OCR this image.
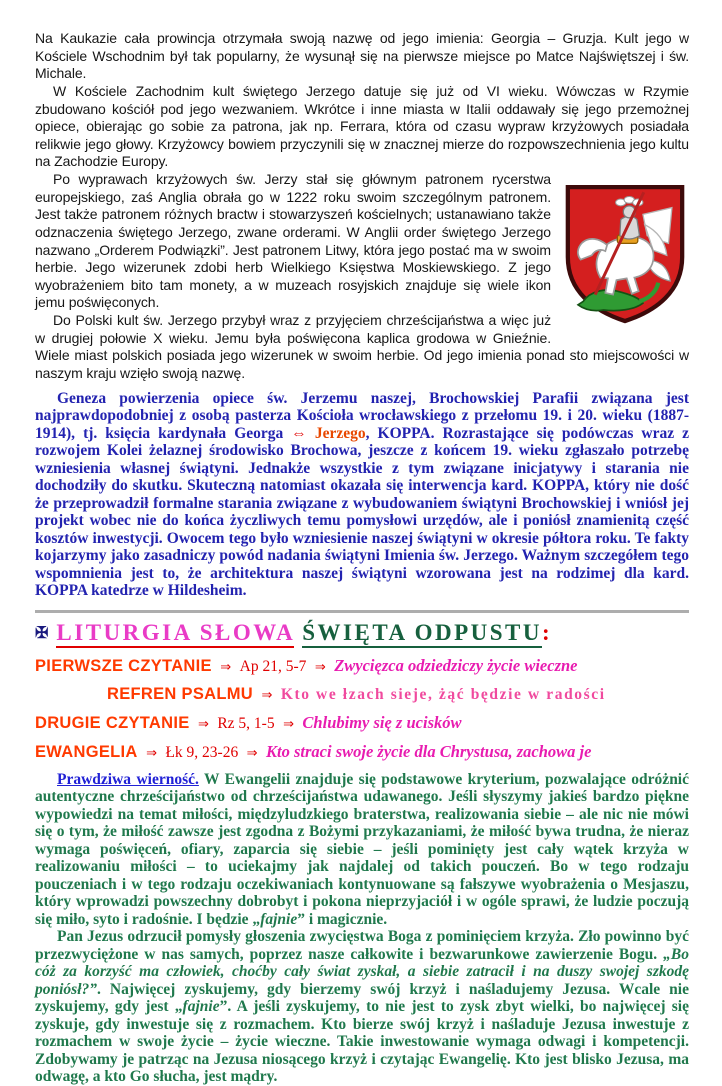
Na Kaukazie cała prowincja otrzymała swoją nazwę od jego imienia: Georgia – Gruzja. Kult jego w Kościele Wschodnim był tak popularny, że wysunął się na pierwsze miejsce po Matce Najświętszej i św. Michale.

W Kościele Zachodnim kult świętego Jerzego datuje się już od VI wieku. Wówczas w Rzymie zbudowano kościół pod jego wezwaniem. Wkrótce i inne miasta w Italii oddawały się jego przemożnej opiece, obierając go sobie za patrona, jak np. Ferrara, która od czasu wypraw krzyżowych posiadała relikwie jego głowy. Krzyżowcy bowiem przyczynili się w znacznej mierze do rozpowszechnienia jego kultu na Zachodzie Europy.

Po wyprawach krzyżowych św. Jerzy stał się głównym patronem rycerstwa europejskiego, zaś Anglia obrała go w 1222 roku swoim szczególnym patronem. Jest także patronem różnych bractw i stowarzyszeń kościelnych; ustanawiano także odznaczenia świętego Jerzego, zwane orderami. W Anglii order świętego Jerzego nazwano „Orderem Podwiązki”. Jest patronem Litwy, która jego postać ma w swoim herbie. Jego wizerunek zdobi herb Wielkiego Księstwa Moskiewskiego. Z jego wyobrażeniem bito tam monety, a w muzeach rosyjskich znajduje się wiele ikon jemu poświęconych.

Do Polski kult św. Jerzego przybył wraz z przyjęciem chrześcijaństwa a więc już w drugiej połowie X wieku. Jemu była poświęcona kaplica grodowa w Gnieźnie. Wiele miast polskich posiada jego wizerunek w swoim herbie. Od jego imienia ponad sto miejscowości w naszym kraju wzięło swoją nazwę.

Geneza powierzenia opiece św. Jerzemu naszej, Brochowskiej Parafii związana jest najprawdopodobniej z osobą pasterza Kościoła wrocławskiego z przełomu 19. i 20. wieku (1887-1914), tj. księcia kardynała Georga ⇔ Jerzego, KOPPA. Rozrastające się podówczas wraz z rozwojem Kolei żelaznej środowisko Brochowa, jeszcze z końcem 19. wieku zgłaszało potrzebę wzniesienia własnej świątyni. Jednakże wszystkie z tym związane inicjatywy i starania nie dochodziły do skutku. Skuteczną natomiast okazała się interwencja kard. KOPPA, który nie dość że przeprowadził formalne starania związane z wybudowaniem świątyni Brochowskiej i wniósł jej projekt wobec nie do końca życzliwych temu pomysłowi urzędów, ale i poniósł znamienitą część kosztów inwestycji. Owocem tego było wzniesienie naszej świątyni w okresie półtora roku. Te fakty kojarzymy jako zasadniczy powód nadania świątyni Imienia św. Jerzego. Ważnym szczegółem tego wspomnienia jest to, że architektura naszej świątyni wzorowana jest na rodzimej dla kard. KOPPA katedrze w Hildesheim.

✠ LITURGIA SŁOWA ŚWIĘTA ODPUSTU:
PIERWSZE CZYTANIE ⇒ Ap 21, 5-7 ⇒ Zwycięzca odziedziczy życie wieczne
REFREN PSALMU ⇒ Kto we łzach sieje, żąć będzie w radości
DRUGIE CZYTANIE ⇒ Rz 5, 1-5 ⇒ Chlubimy się z ucisków
EWANGELIA ⇒ Łk 9, 23-26 ⇒ Kto straci swoje życie dla Chrystusa, zachowa je

Prawdziwa wierność. W Ewangelii znajduje się podstawowe kryterium, pozwalające odróżnić autentyczne chrześcijaństwo od chrześcijaństwa udawanego. Jeśli słyszymy jakieś bardzo piękne wypowiedzi na temat miłości, międzyludzkiego braterstwa, realizowania siebie – ale nic nie mówi się o tym, że miłość zawsze jest zgodna z Bożymi przykazaniami, że miłość bywa trudna, że nieraz wymaga poświęceń, ofiary, zaparcia się siebie – jeśli pominięty jest cały wątek krzyża w realizowaniu miłości – to uciekajmy jak najdalej od takich pouczeń. Bo w tego rodzaju pouczeniach i w tego rodzaju oczekiwaniach kontynuowane są fałszywe wyobrażenia o Mesjaszu, który wprowadzi powszechny dobrobyt i pokona nieprzyjaciół i w ogóle sprawi, że ludzie poczują się miło, syto i radośnie. I będzie „fajnie” i magicznie.

Pan Jezus odrzucił pomysły głoszenia zwycięstwa Boga z pominięciem krzyża. Zło powinno być przezwyciężone w nas samych, poprzez nasze całkowite i bezwarunkowe zawierzenie Bogu. „Bo cóż za korzyść ma człowiek, choćby cały świat zyskał, a siebie zatracił i na duszy swojej szkodę poniósł?”. Najwięcej zyskujemy, gdy bierzemy swój krzyż i naśladujemy Jezusa. Wcale nie zyskujemy, gdy jest „fajnie”. A jeśli zyskujemy, to nie jest to zysk zbyt wielki, bo najwięcej się zyskuje, gdy inwestuje się z rozmachem. Kto bierze swój krzyż i naśladuje Jezusa inwestuje z rozmachem w swoje życie – życie wieczne. Takie inwestowanie wymaga odwagi i kompetencji. Zdobywamy je patrząc na Jezusa niosącego krzyż i czytając Ewangelię. Kto jest blisko Jezusa, ma odwagę, a kto Go słucha, jest mądry.
